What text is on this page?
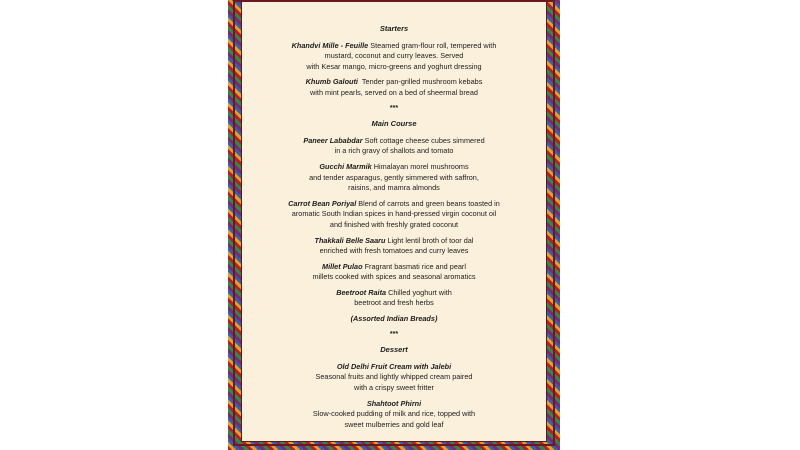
Starters
Khandvi Mille - Feuille Steamed gram-flour roll, tempered with
mustard, coconut and curry leaves. Served
with Kesar mango, micro-greens and yoghurt dressing
Khumb Galouti  Tender pan-grilled mushroom kebabs
with mint pearls, served on a bed of sheermal bread
***
Main Course
Paneer Lababdar Soft cottage cheese cubes simmered
in a rich gravy of shallots and tomato
Gucchi Marmik Himalayan morel mushrooms
and tender asparagus, gently simmered with saffron,
raisins, and mamra almonds
Carrot Bean Poriyal Blend of carrots and green beans toasted in
aromatic South Indian spices in hand-pressed virgin coconut oil
and finished with freshly grated coconut
Thakkali Belle Saaru Light lentil broth of toor dal
enriched with fresh tomatoes and curry leaves
Millet Pulao Fragrant basmati rice and pearl
millets cooked with spices and seasonal aromatics
Beetroot Raita Chilled yoghurt with
beetroot and fresh herbs
(Assorted Indian Breads)
***
Dessert
Old Delhi Fruit Cream with Jalebi
Seasonal fruits and lightly whipped cream paired
with a crispy sweet fritter
Shahtoot Phirni
Slow-cooked pudding of milk and rice, topped with
sweet mulberries and gold leaf
